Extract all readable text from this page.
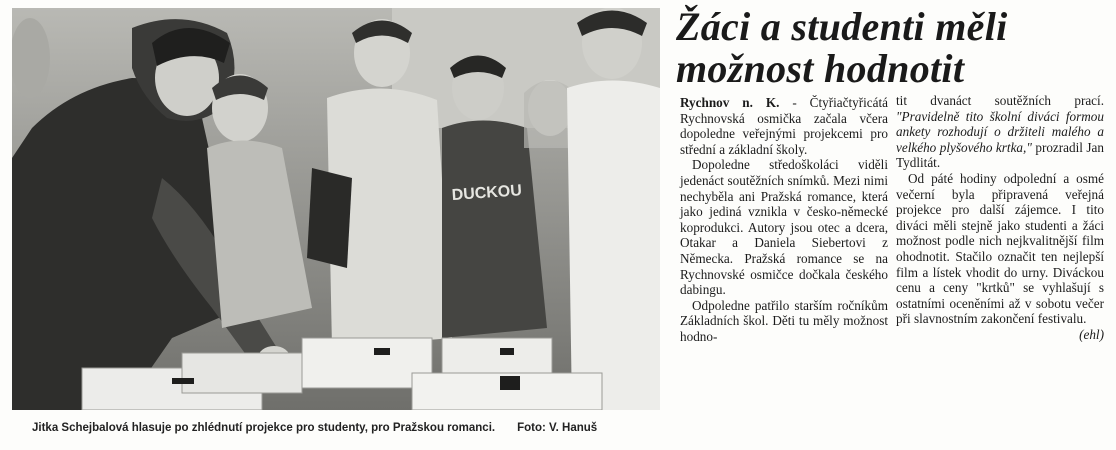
DUCKOU
Jitka Schejbalová hlasuje po zhlédnutí projekce pro studenty, pro Pražskou romanci. Foto: V. Hanuš
Žáci a studenti měli
možnost hodnotit

Rychnov n. K. - Čtyřiačtyřicátá Rychnovská osmička začala včera dopoledne veřejnými projekcemi pro střední a základní školy.

Dopoledne středoškoláci viděli jedenáct soutěžních snímků. Mezi nimi nechyběla ani Pražská romance, která jako jediná vznikla v česko-německé koprodukci. Autory jsou otec a dcera, Otakar a Daniela Siebertovi z Německa. Pražská romance se na Rychnovské osmičce dočkala českého dabingu.

Odpoledne patřilo starším ročníkům Základních škol. Děti tu měly možnost hodno-

tit dvanáct soutěžních prací. "Pravidelně tito školní diváci formou ankety rozhodují o držiteli malého a velkého plyšového krtka," prozradil Jan Tydlitát.

Od páté hodiny odpolední a osmé večerní byla připravená veřejná projekce pro další zájemce. I tito diváci měli stejně jako studenti a žáci možnost podle nich nejkvalitnější film ohodnotit. Stačilo označit ten nejlepší film a lístek vhodit do urny. Diváckou cenu a ceny "krtků" se vyhlašují s ostatními oceněními až v sobotu večer při slavnostním zakončení festivalu.
(ehl)
